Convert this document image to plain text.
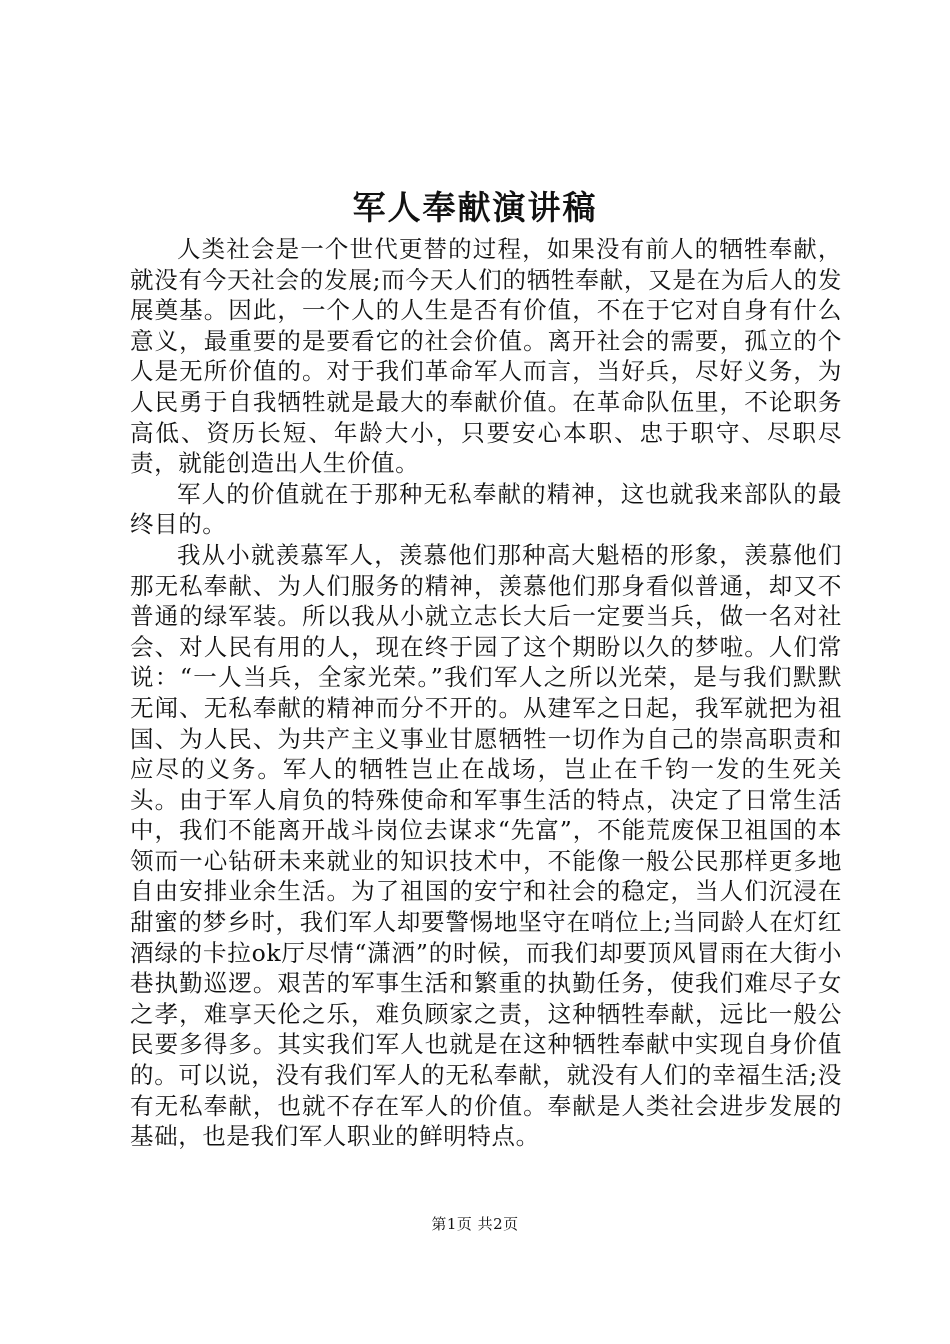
军人奉献演讲稿

人类社会是一个世代更替的过程，如果没有前人的牺牲奉献，就没有今天社会的发展;而今天人们的牺牲奉献，又是在为后人的发展奠基。因此，一个人的人生是否有价值，不在于它对自身有什么意义，最重要的是要看它的社会价值。离开社会的需要，孤立的个人是无所价值的。对于我们革命军人而言，当好兵，尽好义务，为人民勇于自我牺牲就是最大的奉献价值。在革命队伍里，不论职务高低、资历长短、年龄大小，只要安心本职、忠于职守、尽职尽责，就能创造出人生价值。

军人的价值就在于那种无私奉献的精神，这也就我来部队的最终目的。

我从小就羡慕军人，羡慕他们那种高大魁梧的形象，羡慕他们那无私奉献、为人们服务的精神，羡慕他们那身看似普通，却又不普通的绿军装。所以我从小就立志长大后一定要当兵，做一名对社会、对人民有用的人，现在终于园了这个期盼以久的梦啦。人们常说：“一人当兵，全家光荣。”我们军人之所以光荣，是与我们默默无闻、无私奉献的精神而分不开的。从建军之日起，我军就把为祖国、为人民、为共产主义事业甘愿牺牲一切作为自己的崇高职责和应尽的义务。军人的牺牲岂止在战场，岂止在千钧一发的生死关头。由于军人肩负的特殊使命和军事生活的特点，决定了日常生活中，我们不能离开战斗岗位去谋求“先富”，不能荒废保卫祖国的本领而一心钻研未来就业的知识技术中，不能像一般公民那样更多地自由安排业余生活。为了祖国的安宁和社会的稳定，当人们沉浸在甜蜜的梦乡时，我们军人却要警惕地坚守在哨位上;当同龄人在灯红酒绿的卡拉ok厅尽情“潇洒”的时候，而我们却要顶风冒雨在大街小巷执勤巡逻。艰苦的军事生活和繁重的执勤任务，使我们难尽子女之孝，难享天伦之乐，难负顾家之责，这种牺牲奉献，远比一般公民要多得多。其实我们军人也就是在这种牺牲奉献中实现自身价值的。可以说，没有我们军人的无私奉献，就没有人们的幸福生活;没有无私奉献，也就不存在军人的价值。奉献是人类社会进步发展的基础，也是我们军人职业的鲜明特点。

第1页 共2页
